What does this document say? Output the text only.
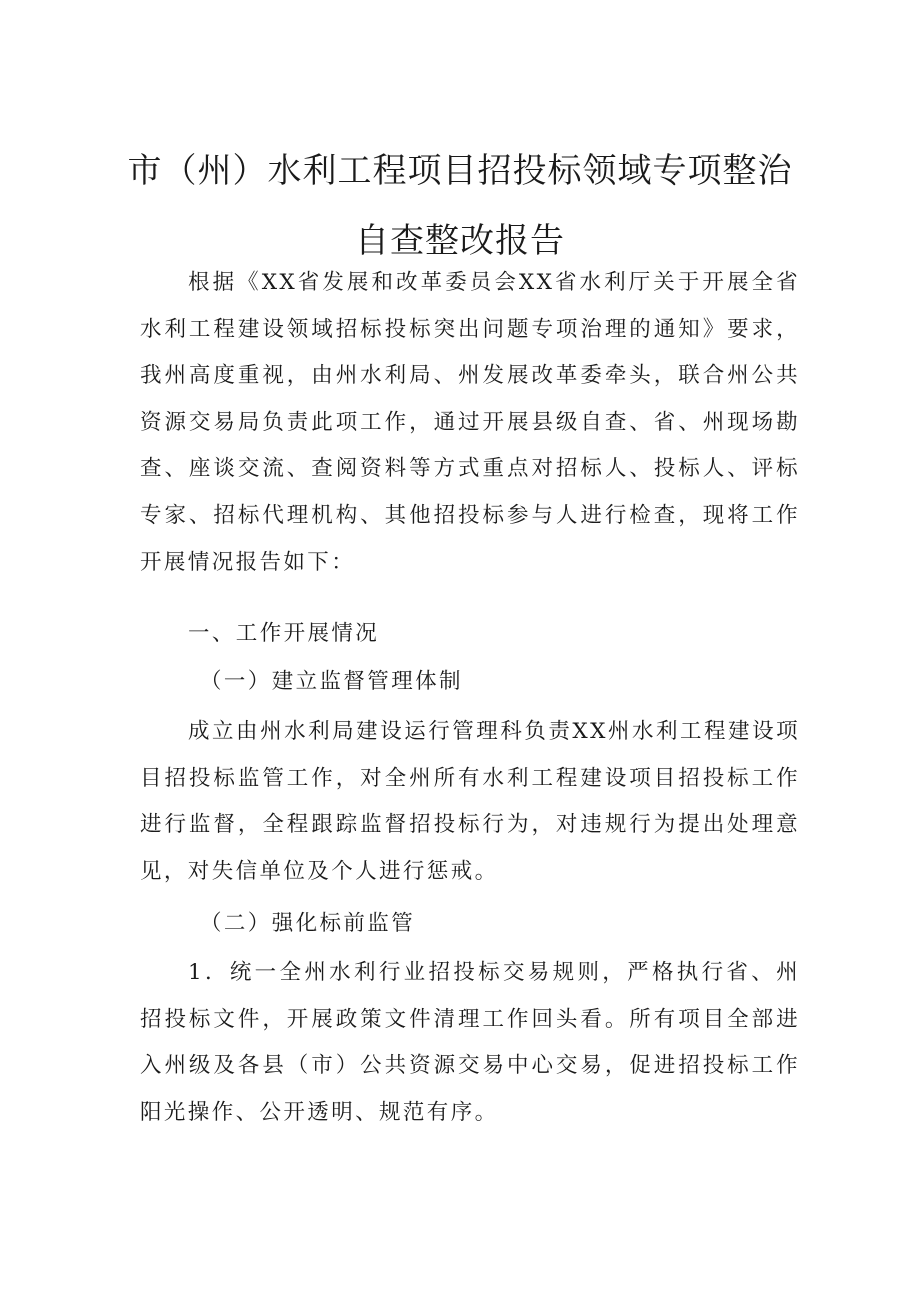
市（州）水利工程项目招投标领域专项整治
自查整改报告

根据《XX省发展和改革委员会XX省水利厅关于开展全省水利工程建设领域招标投标突出问题专项治理的通知》要求，我州高度重视，由州水利局、州发展改革委牵头，联合州公共资源交易局负责此项工作，通过开展县级自查、省、州现场勘查、座谈交流、查阅资料等方式重点对招标人、投标人、评标专家、招标代理机构、其他招投标参与人进行检查，现将工作开展情况报告如下：

一、工作开展情况
（一）建立监督管理体制

成立由州水利局建设运行管理科负责XX州水利工程建设项目招投标监管工作，对全州所有水利工程建设项目招投标工作进行监督，全程跟踪监督招投标行为，对违规行为提出处理意见，对失信单位及个人进行惩戒。

（二）强化标前监管

1．统一全州水利行业招投标交易规则，严格执行省、州招投标文件，开展政策文件清理工作回头看。所有项目全部进入州级及各县（市）公共资源交易中心交易，促进招投标工作阳光操作、公开透明、规范有序。
